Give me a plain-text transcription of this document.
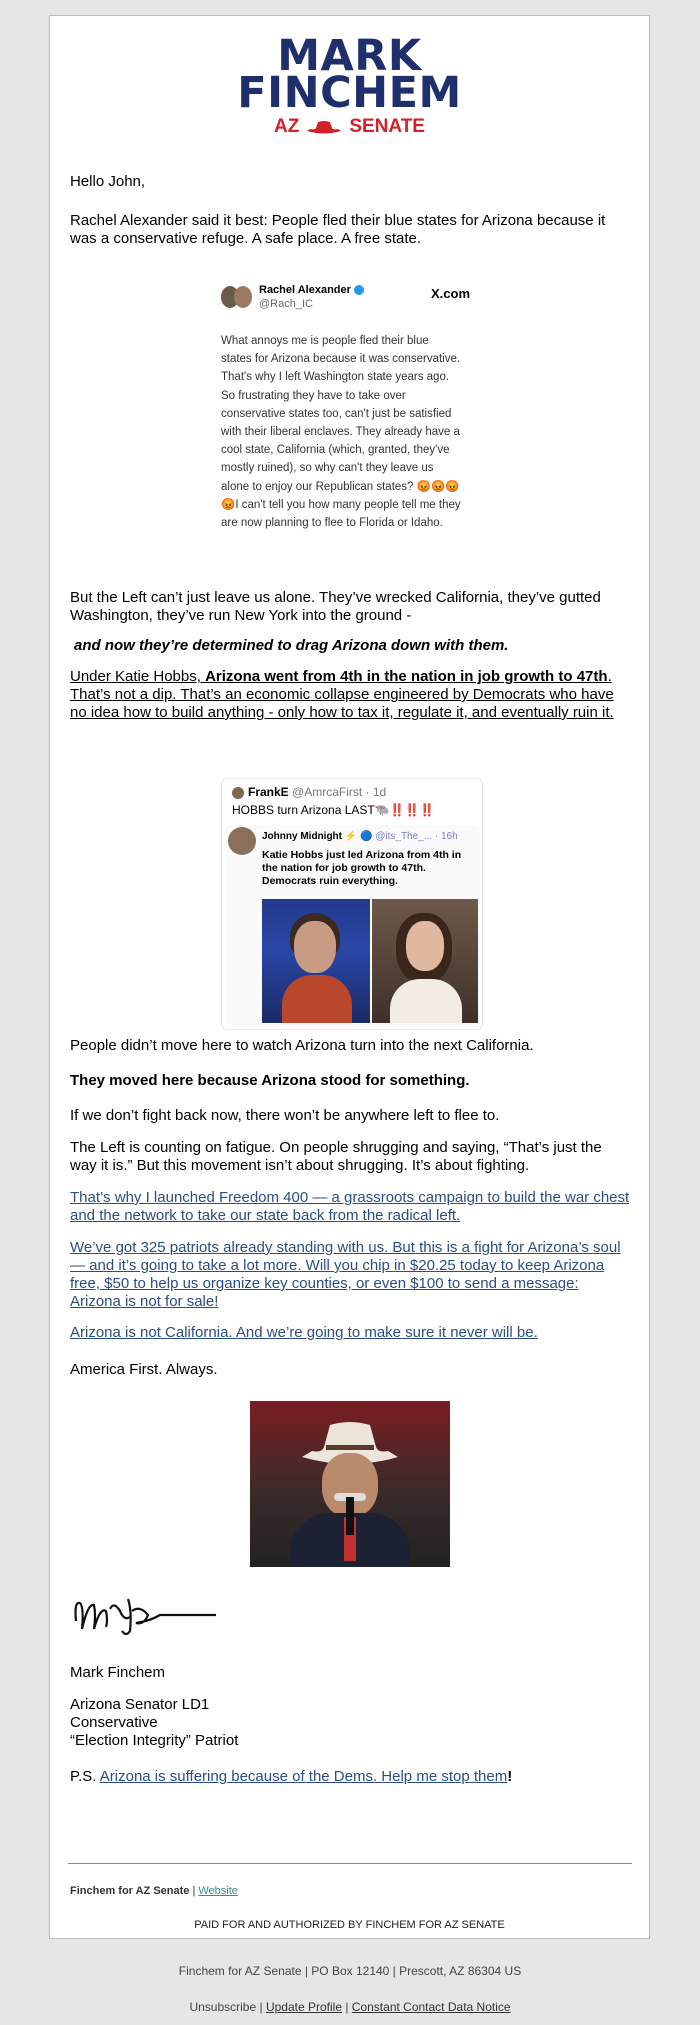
MARK
FINCHEM
AZ	SENATE
Hello John,
Rachel Alexander said it best: People fled their blue states for Arizona because it was a conservative refuge. A safe place. A free state.
Rachel Alexander
@Rach_IC
X.com
What annoys me is people fled their blue states for Arizona because it was conservative. That's why I left Washington state years ago. So frustrating they have to take over conservative states too, can't just be satisfied with their liberal enclaves. They already have a cool state, California (which, granted, they've mostly ruined), so why can't they leave us alone to enjoy our Republican states? 😡😡😡😡I can't tell you how many people tell me they are now planning to flee to Florida or Idaho.
But the Left can’t just leave us alone. They’ve wrecked California, they’ve gutted Washington, they’ve run New York into the ground -
and now they’re determined to drag Arizona down with them.
Under Katie Hobbs, Arizona went from 4th in the nation in job growth to 47th. That’s not a dip. That’s an economic collapse engineered by Democrats who have no idea how to build anything - only how to tax it, regulate it, and eventually ruin it.
FrankE @AmrcaFirst · 1d
HOBBS turn Arizona LAST🐃‼️‼️‼️
Johnny Midnight ⚡ 🔵 @its_The_... · 16h
Katie Hobbs just led Arizona from 4th in the nation for job growth to 47th. Democrats ruin everything.
People didn’t move here to watch Arizona turn into the next California.
They moved here because Arizona stood for something.
If we don’t fight back now, there won’t be anywhere left to flee to.
The Left is counting on fatigue. On people shrugging and saying, “That’s just the way it is.” But this movement isn’t about shrugging. It’s about fighting.
That’s why I launched Freedom 400 — a grassroots campaign to build the war chest and the network to take our state back from the radical left.
We’ve got 325 patriots already standing with us. But this is a fight for Arizona’s soul — and it’s going to take a lot more. Will you chip in $20.25 today to keep Arizona free, $50 to help us organize key counties, or even $100 to send a message: Arizona is not for sale!
Arizona is not California. And we’re going to make sure it never will be.
America First. Always.
Mark Finchem
Arizona Senator LD1
Conservative
“Election Integrity” Patriot
P.S. Arizona is suffering because of the Dems. Help me stop them!
Finchem for AZ Senate | Website
PAID FOR AND AUTHORIZED BY FINCHEM FOR AZ SENATE
Finchem for AZ Senate | PO Box 12140 | Prescott, AZ 86304 US
Unsubscribe | Update Profile | Constant Contact Data Notice
